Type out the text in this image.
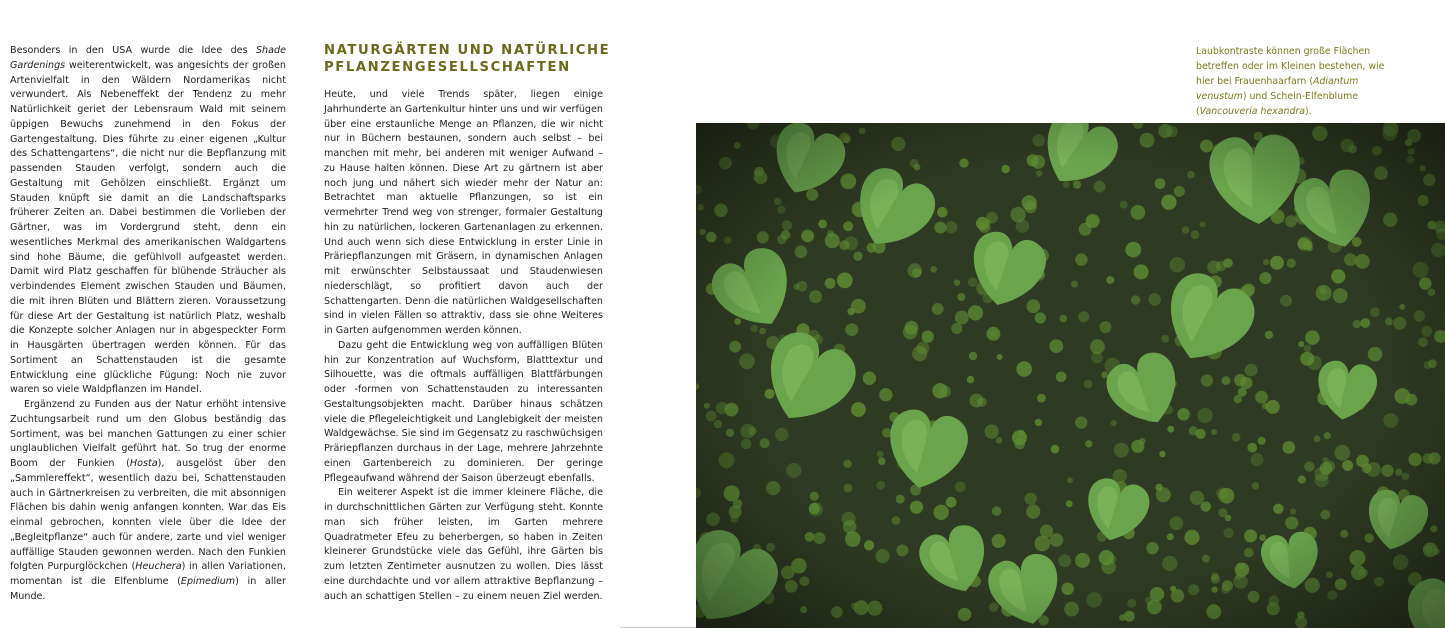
Besonders in den USA wurde die Idee des Shade Gardenings weiterentwickelt, was angesichts der großen Artenvielfalt in den Wäldern Nordamerikas nicht verwundert. Als Nebeneffekt der Tendenz zu mehr Natürlichkeit geriet der Lebensraum Wald mit seinem üppigen Bewuchs zunehmend in den Fokus der Gartengestaltung. Dies führte zu einer eigenen „Kultur des Schattengartens“, die nicht nur die Bepflanzung mit passenden Stauden verfolgt, sondern auch die Gestaltung mit Gehölzen einschließt. Ergänzt um Stauden knüpft sie damit an die Landschaftsparks früherer Zeiten an. Dabei bestimmen die Vorlieben der Gärtner, was im Vordergrund steht, denn ein wesentliches Merkmal des amerikanischen Waldgartens sind hohe Bäume, die gefühlvoll aufgeastet werden. Damit wird Platz geschaffen für blühende Sträucher als verbindendes Element zwischen Stauden und Bäumen, die mit ihren Blüten und Blättern zieren. Voraussetzung für diese Art der Gestaltung ist natürlich Platz, weshalb die Konzepte solcher Anlagen nur in abgespeckter Form in Hausgärten übertragen werden können. Für das Sortiment an Schattenstauden ist die gesamte Entwicklung eine glückliche Fügung: Noch nie zuvor waren so viele Waldpflanzen im Handel.

Ergänzend zu Funden aus der Natur erhöht intensive Zuchtungsarbeit rund um den Globus beständig das Sortiment, was bei manchen Gattungen zu einer schier unglaublichen Vielfalt geführt hat. So trug der enorme Boom der Funkien (Hosta), ausgelöst über den „Sammlereffekt“, wesentlich dazu bei, Schattenstauden auch in Gärtnerkreisen zu verbreiten, die mit absonnigen Flächen bis dahin wenig anfangen konnten. War das Eis einmal gebrochen, konnten viele über die Idee der „Begleitpflanze“ auch für andere, zarte und viel weniger auffällige Stauden gewonnen werden. Nach den Funkien folgten Purpurglöckchen (Heuchera) in allen Variationen, momentan ist die Elfenblume (Epimedium) in aller Munde.

NATURGÄRTEN UND NATÜRLICHE
PFLANZENGESELLSCHAFTEN

Heute, und viele Trends später, liegen einige Jahrhunderte an Gartenkultur hinter uns und wir verfügen über eine erstaunliche Menge an Pflanzen, die wir nicht nur in Büchern bestaunen, sondern auch selbst – bei manchen mit mehr, bei anderen mit weniger Aufwand – zu Hause halten können. Diese Art zu gärtnern ist aber noch jung und nähert sich wieder mehr der Natur an: Betrachtet man aktuelle Pflanzungen, so ist ein vermehrter Trend weg von strenger, formaler Gestaltung hin zu natürlichen, lockeren Gartenanlagen zu erkennen. Und auch wenn sich diese Entwicklung in erster Linie in Präriepflanzungen mit Gräsern, in dynamischen Anlagen mit erwünschter Selbstaussaat und Staudenwiesen niederschlägt, so profitiert davon auch der Schattengarten. Denn die natürlichen Waldgesellschaften sind in vielen Fällen so attraktiv, dass sie ohne Weiteres in Garten aufgenommen werden können.

Dazu geht die Entwicklung weg von auffälligen Blüten hin zur Konzentration auf Wuchsform, Blatttextur und Silhouette, was die oftmals auffälligen Blattfärbungen oder -formen von Schattenstauden zu interessanten Gestaltungsobjekten macht. Darüber hinaus schätzen viele die Pflegeleichtigkeit und Langlebigkeit der meisten Waldgewächse. Sie sind im Gegensatz zu raschwüchsigen Präriepflanzen durchaus in der Lage, mehrere Jahrzehnte einen Gartenbereich zu dominieren. Der geringe Pflegeaufwand während der Saison überzeugt ebenfalls.

Ein weiterer Aspekt ist die immer kleinere Fläche, die in durchschnittlichen Gärten zur Verfügung steht. Konnte man sich früher leisten, im Garten mehrere Quadratmeter Efeu zu beherbergen, so haben in Zeiten kleinerer Grundstücke viele das Gefühl, ihre Gärten bis zum letzten Zentimeter ausnutzen zu wollen. Dies lässt eine durchdachte und vor allem attraktive Bepflanzung – auch an schattigen Stellen – zu einem neuen Ziel werden.

Laubkontraste können große Flächen betreffen oder im Kleinen bestehen, wie hier bei Frauenhaarfarn (Adiantum venustum) und Schein-Elfenblume (Vancouveria hexandra).
